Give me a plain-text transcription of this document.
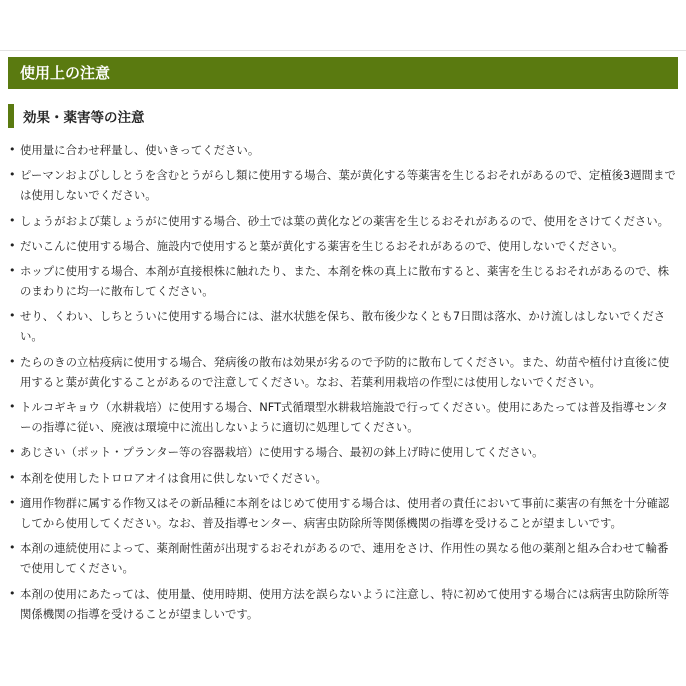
使用上の注意
効果・薬害等の注意
• 使用量に合わせ秤量し、使いきってください。
• ピーマンおよびししとうを含むとうがらし類に使用する場合、葉が黄化する等薬害を生じるおそれがあるので、定植後3週間までは使用しないでください。
• しょうがおよび葉しょうがに使用する場合、砂土では葉の黄化などの薬害を生じるおそれがあるので、使用をさけてください。
• だいこんに使用する場合、施設内で使用すると葉が黄化する薬害を生じるおそれがあるので、使用しないでください。
• ホップに使用する場合、本剤が直接根株に触れたり、また、本剤を株の真上に散布すると、薬害を生じるおそれがあるので、株のまわりに均一に散布してください。
• せり、くわい、しちとういに使用する場合には、湛水状態を保ち、散布後少なくとも7日間は落水、かけ流しはしないでください。
• たらのきの立枯疫病に使用する場合、発病後の散布は効果が劣るので予防的に散布してください。また、幼苗や植付け直後に使用すると葉が黄化することがあるので注意してください。なお、若葉利用栽培の作型には使用しないでください。
• トルコギキョウ（水耕栽培）に使用する場合、NFT式循環型水耕栽培施設で行ってください。使用にあたっては普及指導センターの指導に従い、廃液は環境中に流出しないように適切に処理してください。
• あじさい（ポット・プランター等の容器栽培）に使用する場合、最初の鉢上げ時に使用してください。
• 本剤を使用したトロロアオイは食用に供しないでください。
• 適用作物群に属する作物又はその新品種に本剤をはじめて使用する場合は、使用者の責任において事前に薬害の有無を十分確認してから使用してください。なお、普及指導センター、病害虫防除所等関係機関の指導を受けることが望ましいです。
• 本剤の連続使用によって、薬剤耐性菌が出現するおそれがあるので、連用をさけ、作用性の異なる他の薬剤と組み合わせて輪番で使用してください。
• 本剤の使用にあたっては、使用量、使用時期、使用方法を誤らないように注意し、特に初めて使用する場合には病害虫防除所等関係機関の指導を受けることが望ましいです。
